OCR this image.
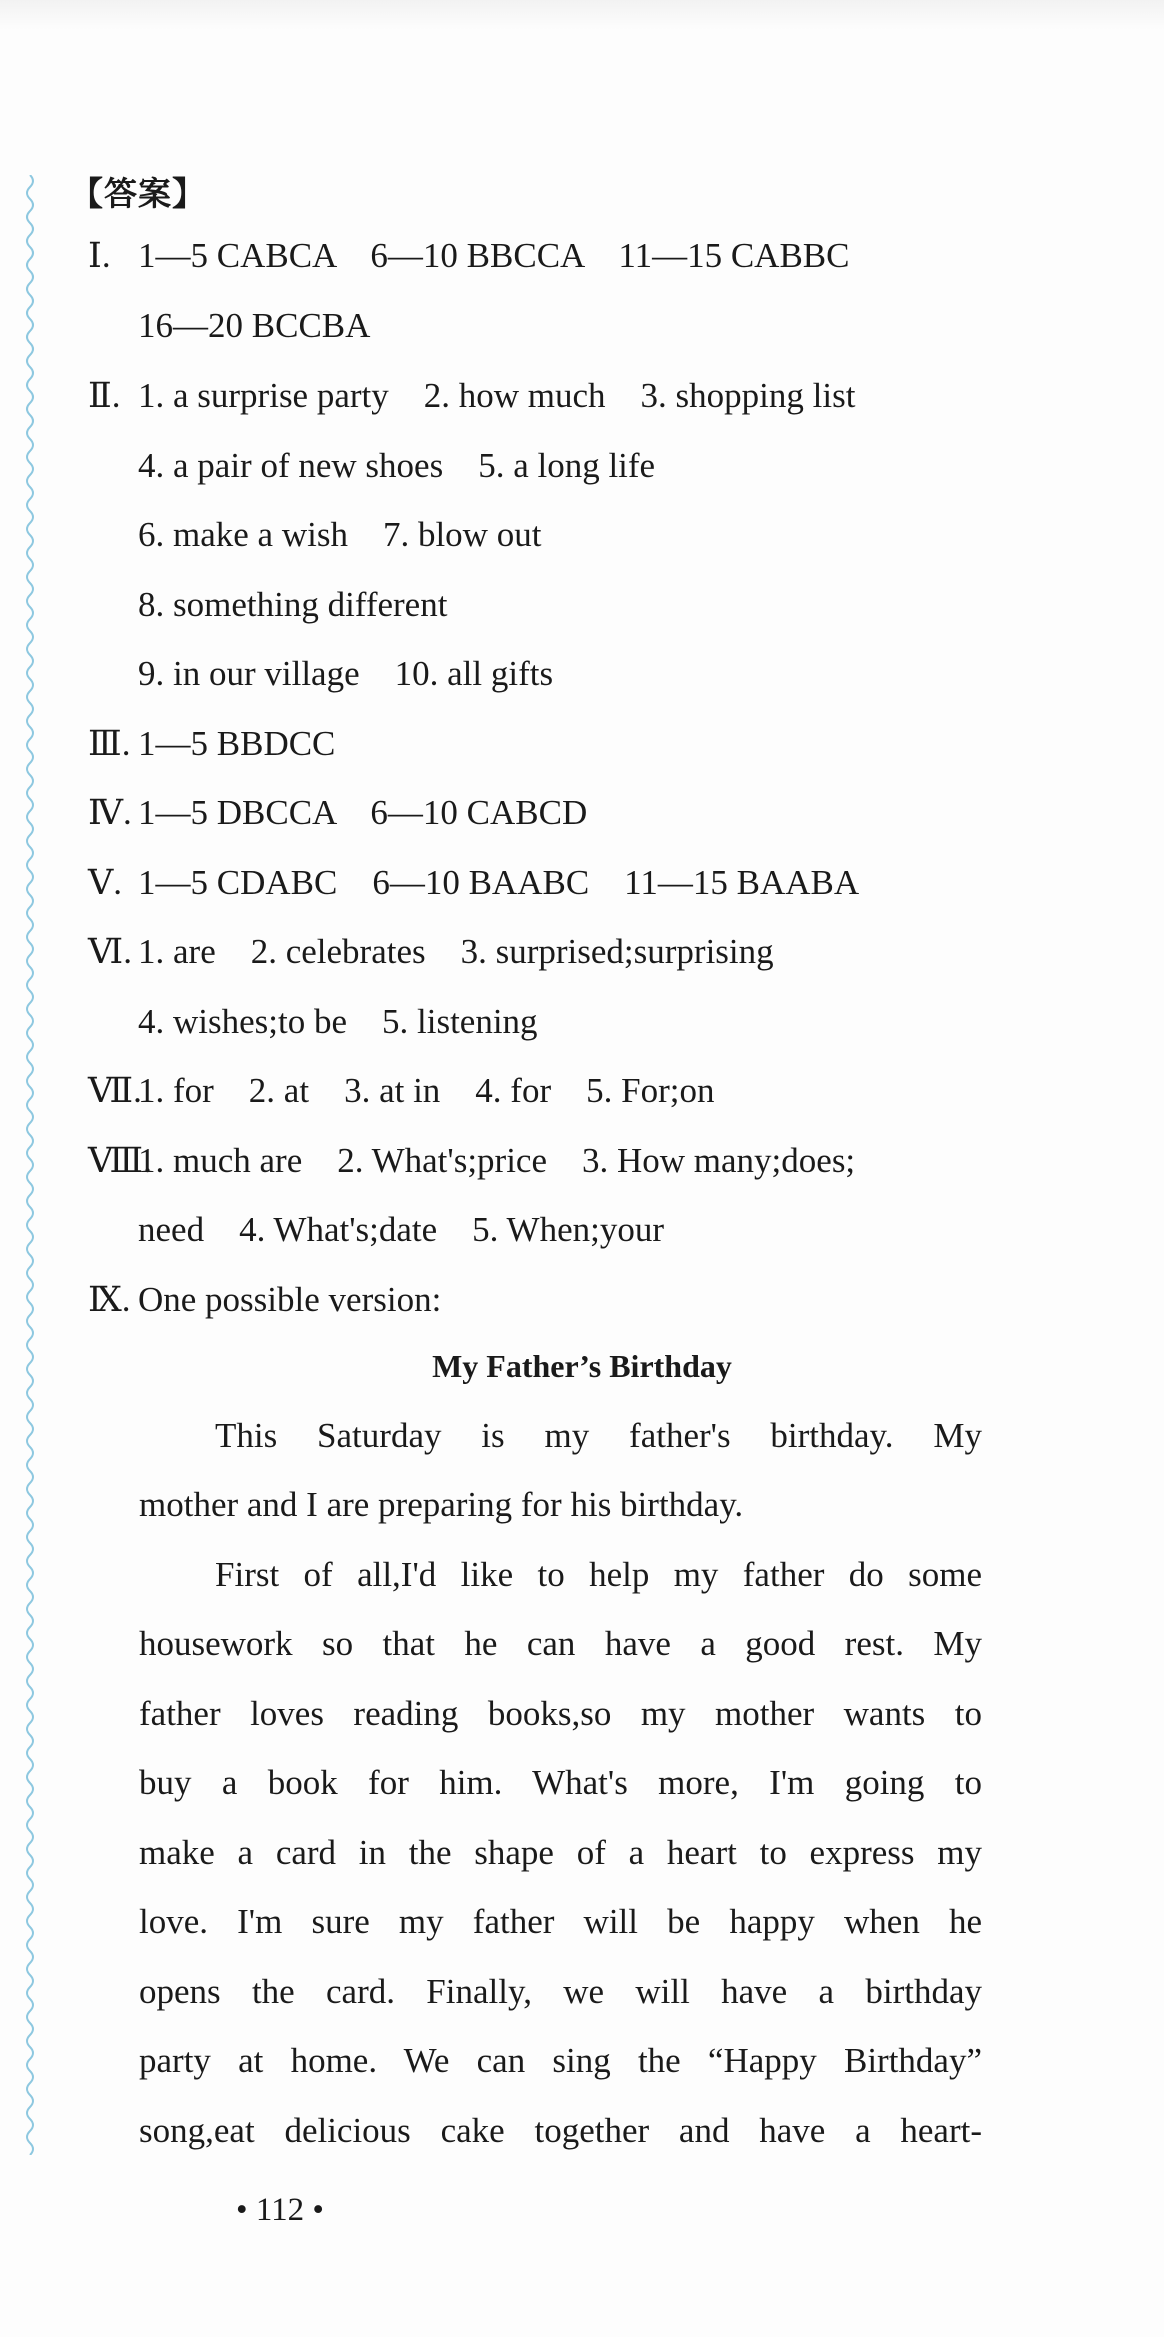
【答案】
Ⅰ. 1—5 CABCA    6—10 BBCCA    11—15 CABBC
16—20 BCCBA
Ⅱ. 1. a surprise party    2. how much    3. shopping list
4. a pair of new shoes    5. a long life
6. make a wish    7. blow out
8. something different
9. in our village    10. all gifts
Ⅲ. 1—5 BBDCC
Ⅳ. 1—5 DBCCA    6—10 CABCD
Ⅴ. 1—5 CDABC    6—10 BAABC    11—15 BAABA
Ⅵ. 1. are    2. celebrates    3. surprised;surprising
4. wishes;to be    5. listening
Ⅶ.1. for    2. at    3. at in    4. for    5. For;on
Ⅷ.1. much are    2. What's;price    3. How many;does;
need    4. What's;date    5. When;your
Ⅸ. One possible version:
My Father’s Birthday
This Saturday is my father's birthday. My
mother and I are preparing for his birthday.
First of all,I'd like to help my father do some
housework so that he can have a good rest. My
father loves reading books,so my mother wants to
buy a book for him. What's more, I'm going to
make a card in the shape of a heart to express my
love. I'm sure my father will be happy when he
opens the card. Finally, we will have a birthday
party at home. We can sing the “Happy Birthday”
song,eat delicious cake together and have a heart-
• 112 •
